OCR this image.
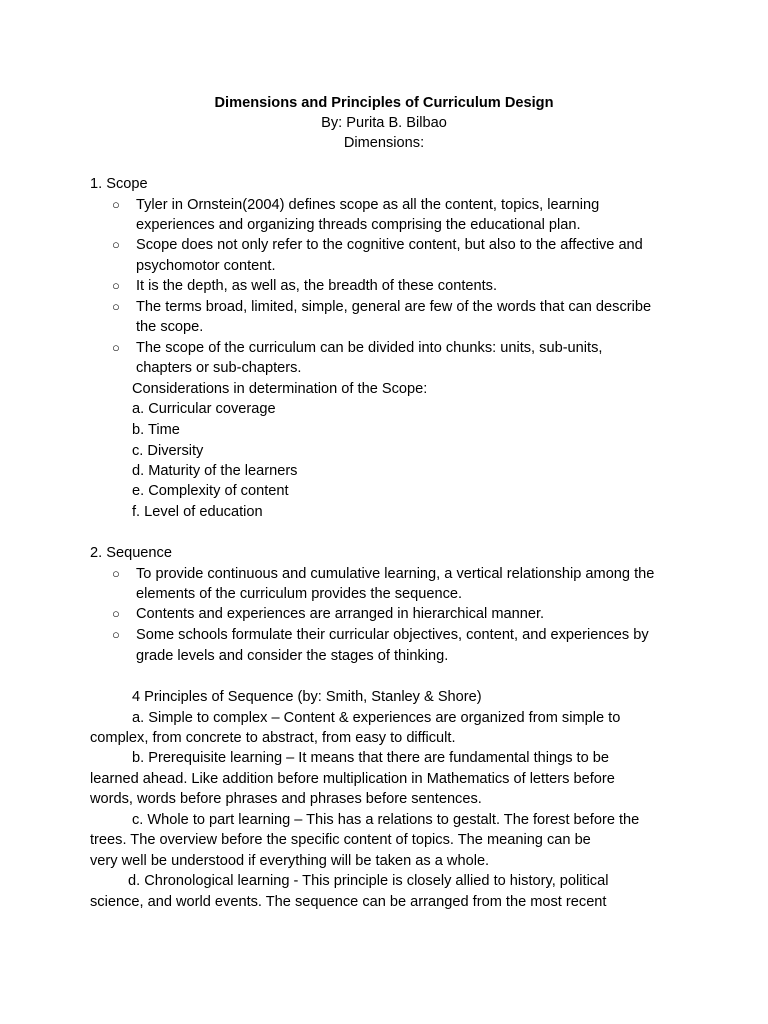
Dimensions and Principles of Curriculum Design
By: Purita B. Bilbao
Dimensions:
1. Scope
○ Tyler in Ornstein(2004) defines scope as all the content, topics, learning
experiences and organizing threads comprising the educational plan.
○ Scope does not only refer to the cognitive content, but also to the affective and
psychomotor content.
○ It is the depth, as well as, the breadth of these contents.
○ The terms broad, limited, simple, general are few of the words that can describe
the scope.
○ The scope of the curriculum can be divided into chunks: units, sub-units,
chapters or sub-chapters.
Considerations in determination of the Scope:
a. Curricular coverage
b. Time
c. Diversity
d. Maturity of the learners
e. Complexity of content
f. Level of education
2. Sequence
○ To provide continuous and cumulative learning, a vertical relationship among the
elements of the curriculum provides the sequence.
○ Contents and experiences are arranged in hierarchical manner.
○ Some schools formulate their curricular objectives, content, and experiences by
grade levels and consider the stages of thinking.
4 Principles of Sequence (by: Smith, Stanley & Shore)
a. Simple to complex – Content & experiences are organized from simple to
complex, from concrete to abstract, from easy to difficult.
b. Prerequisite learning – It means that there are fundamental things to be
learned ahead. Like addition before multiplication in Mathematics of letters before
words, words before phrases and phrases before sentences.
c. Whole to part learning – This has a relations to gestalt. The forest before the
trees. The overview before the specific content of topics. The meaning can be
very well be understood if everything will be taken as a whole.
d. Chronological learning - This principle is closely allied to history, political
science, and world events. The sequence can be arranged from the most recent
